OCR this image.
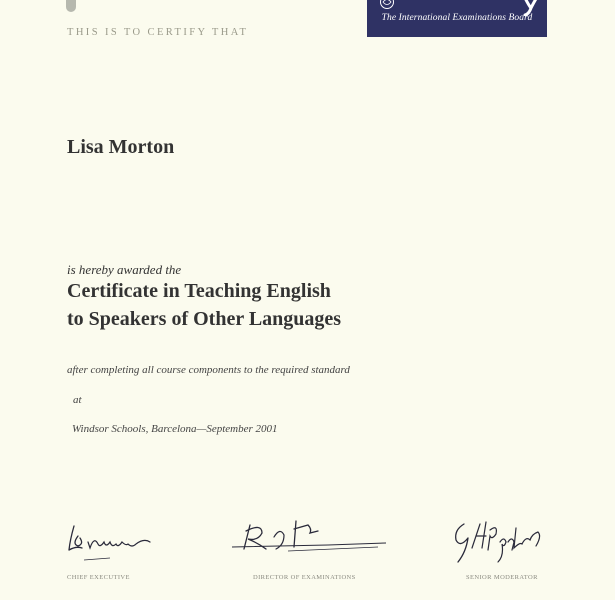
The International Examinations Board
THIS IS TO CERTIFY THAT
Lisa Morton
is hereby awarded the
Certificate in Teaching English
to Speakers of Other Languages
after completing all course components to the required standard
at
Windsor Schools, Barcelona—September 2001
CHIEF EXECUTIVE	DIRECTOR OF EXAMINATIONS	SENIOR MODERATOR
